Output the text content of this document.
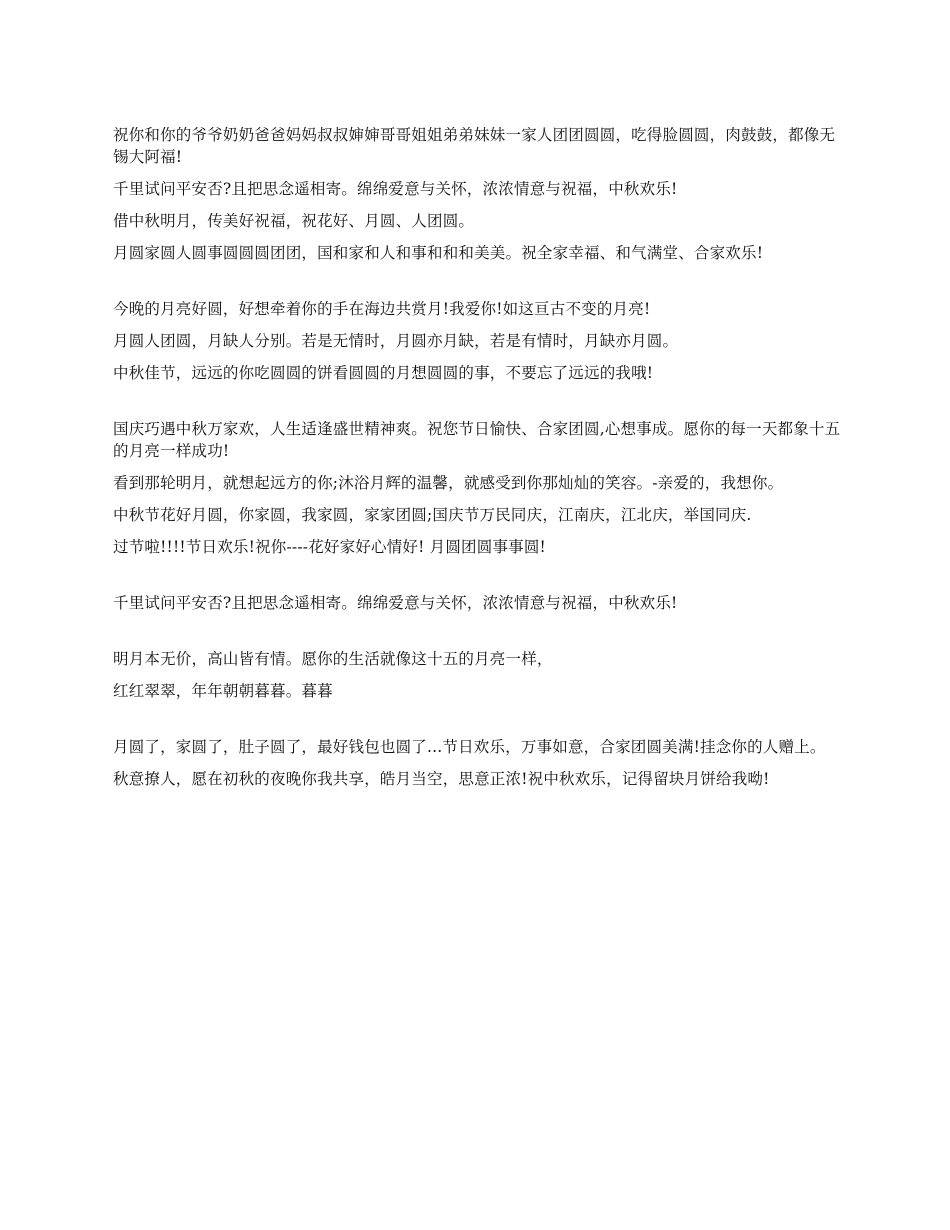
祝你和你的爷爷奶奶爸爸妈妈叔叔婶婶哥哥姐姐弟弟妹妹一家人团团圆圆，吃得脸圆圆，肉鼓鼓，都像无锡大阿福!

千里试问平安否?且把思念遥相寄。绵绵爱意与关怀，浓浓情意与祝福，中秋欢乐!

借中秋明月，传美好祝福，祝花好、月圆、人团圆。

月圆家圆人圆事圆圆圆团团，国和家和人和事和和和美美。祝全家幸福、和气满堂、合家欢乐!

今晚的月亮好圆，好想牵着你的手在海边共赏月!我爱你!如这亘古不变的月亮!

月圆人团圆，月缺人分别。若是无情时，月圆亦月缺，若是有情时，月缺亦月圆。

中秋佳节，远远的你吃圆圆的饼看圆圆的月想圆圆的事，不要忘了远远的我哦!

国庆巧遇中秋万家欢，人生适逢盛世精神爽。祝您节日愉快、合家团圆,心想事成。愿你的每一天都象十五的月亮一样成功!

看到那轮明月，就想起远方的你;沐浴月辉的温馨，就感受到你那灿灿的笑容。-亲爱的，我想你。

中秋节花好月圆，你家圆，我家圆，家家团圆;国庆节万民同庆，江南庆，江北庆，举国同庆.

过节啦!!!!节日欢乐!祝你----花好家好心情好! 月圆团圆事事圆!

千里试问平安否?且把思念遥相寄。绵绵爱意与关怀，浓浓情意与祝福，中秋欢乐!

明月本无价，高山皆有情。愿你的生活就像这十五的月亮一样，

红红翠翠，年年朝朝暮暮。暮暮

月圆了，家圆了，肚子圆了，最好钱包也圆了...节日欢乐，万事如意，合家团圆美满!挂念你的人赠上。

秋意撩人，愿在初秋的夜晚你我共享，皓月当空，思意正浓!祝中秋欢乐，记得留块月饼给我呦!
